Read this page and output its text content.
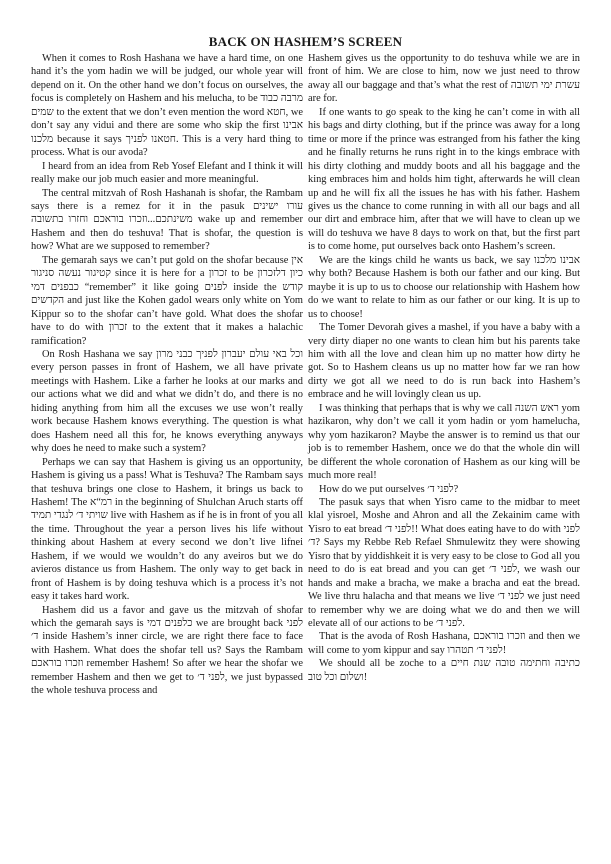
BACK ON HASHEM’S SCREEN

When it comes to Rosh Hashana we have a hard time, on one hand it’s the yom hadin we will be judged, our whole year will depend on it. On the other hand we don’t focus on ourselves, the focus is completely on Hashem and his melucha, to be מרבה כבוד שמים to the extent that we don’t even mention the word חטא, we don’t say any vidui and there are some who skip the first אבינו מלכנו because it says חטאנו לפניך. This is a very hard thing to process. What is our avoda?

I heard from an idea from Reb Yosef Elefant and I think it will really make our job much easier and more meaningful.

The central mitzvah of Rosh Hashanah is shofar, the Rambam says there is a remez for it in the pasuk עורו ישינים משינתכם...וזכרו בוראכם וחזרו בתשובה wake up and remember Hashem and then do teshuva! That is shofar, the question is how? What are we supposed to remember?

The gemarah says we can’t put gold on the shofar because אין קטיגור נעשה סניגור since it is here for a זכרון to be כיון דלזכרון כבפנים דמי “remember” it like going לפנים inside the קודש הקדשים and just like the Kohen gadol wears only white on Yom Kippur so to the shofar can’t have gold. What does the shofar have to do with זכרון to the extent that it makes a halachic ramification?

On Rosh Hashana we say וכל באי עולם יעברון לפניך כבני מרון every person passes in front of Hashem, we all have private meetings with Hashem. Like a farher he looks at our marks and our actions what we did and what we didn’t do, and there is no hiding anything from him all the excuses we use won’t really work because Hashem knows everything. The question is what does Hashem need all this for, he knows everything anyways why does he need to make such a system?

Perhaps we can say that Hashem is giving us an opportunity, Hashem is giving us a pass! What is Teshuva? The Rambam says that teshuva brings one close to Hashem, it brings us back to Hashem! The רמ“א in the beginning of Shulchan Aruch starts off שויתי ד׳ לנגדי תמיד live with Hashem as if he is in front of you all the time. Throughout the year a person lives his life without thinking about Hashem at every second we don’t live lifnei Hashem, if we would we wouldn’t do any aveiros but we do avieros distance us from Hashem. The only way to get back in front of Hashem is by doing teshuva which is a process it’s not easy it takes hard work.

Hashem did us a favor and gave us the mitzvah of shofar which the gemarah says is כלפנים דמי we are brought back לפני ד׳ inside Hashem’s inner circle, we are right there face to face with Hashem. What does the shofar tell us? Says the Rambam וזכרו בוראכם remember Hashem! So after we hear the shofar we remember Hashem and then we get to לפני ד׳, we just bypassed the whole teshuva process and

Hashem gives us the opportunity to do teshuva while we are in front of him. We are close to him, now we just need to throw away all our baggage and that’s what the rest of עשרת ימי תשובה are for.

If one wants to go speak to the king he can’t come in with all his bags and dirty clothing, but if the prince was away for a long time or more if the prince was estranged from his father the king and he finally returns he runs right in to the kings embrace with his dirty clothing and muddy boots and all his baggage and the king embraces him and holds him tight, afterwards he will clean up and he will fix all the issues he has with his father. Hashem gives us the chance to come running in with all our bags and all our dirt and embrace him, after that we will have to clean up we will do teshuva we have 8 days to work on that, but the first part is to come home, put ourselves back onto Hashem’s screen.

We are the kings child he wants us back, we say אבינו מלכנו why both? Because Hashem is both our father and our king. But maybe it is up to us to choose our relationship with Hashem how do we want to relate to him as our father or our king. It is up to us to choose!

The Tomer Devorah gives a mashel, if you have a baby with a very dirty diaper no one wants to clean him but his parents take him with all the love and clean him up no matter how dirty he got. So to Hashem cleans us up no matter how far we ran how dirty we got all we need to do is run back into Hashem’s embrace and he will lovingly clean us up.

I was thinking that perhaps that is why we call ראש השנה yom hazikaron, why don’t we call it yom hadin or yom hamelucha, why yom hazikaron? Maybe the answer is to remind us that our job is to remember Hashem, once we do that the whole din will be different the whole coronation of Hashem as our king will be much more real!

How do we put ourselves לפני ד׳?

The pasuk says that when Yisro came to the midbar to meet klal yisroel, Moshe and Ahron and all the Zekainim came with Yisro to eat bread לפני ד׳!! What does eating have to do with לפני ד׳? Says my Rebbe Reb Refael Shmulewitz they were showing Yisro that by yiddishkeit it is very easy to be close to God all you need to do is eat bread and you can get לפני ד׳, we wash our hands and make a bracha, we make a bracha and eat the bread. We live thru halacha and that means we live לפני ד׳ we just need to remember why we are doing what we do and then we will elevate all of our actions to be לפני ד׳.

That is the avoda of Rosh Hashana, וזכרו בוראכם and then we will come to yom kippur and say לפני ד׳ תטהרו!

We should all be zoche to a כתיבה וחתימה טובה שנת חיים ושלום וכל טוב!
